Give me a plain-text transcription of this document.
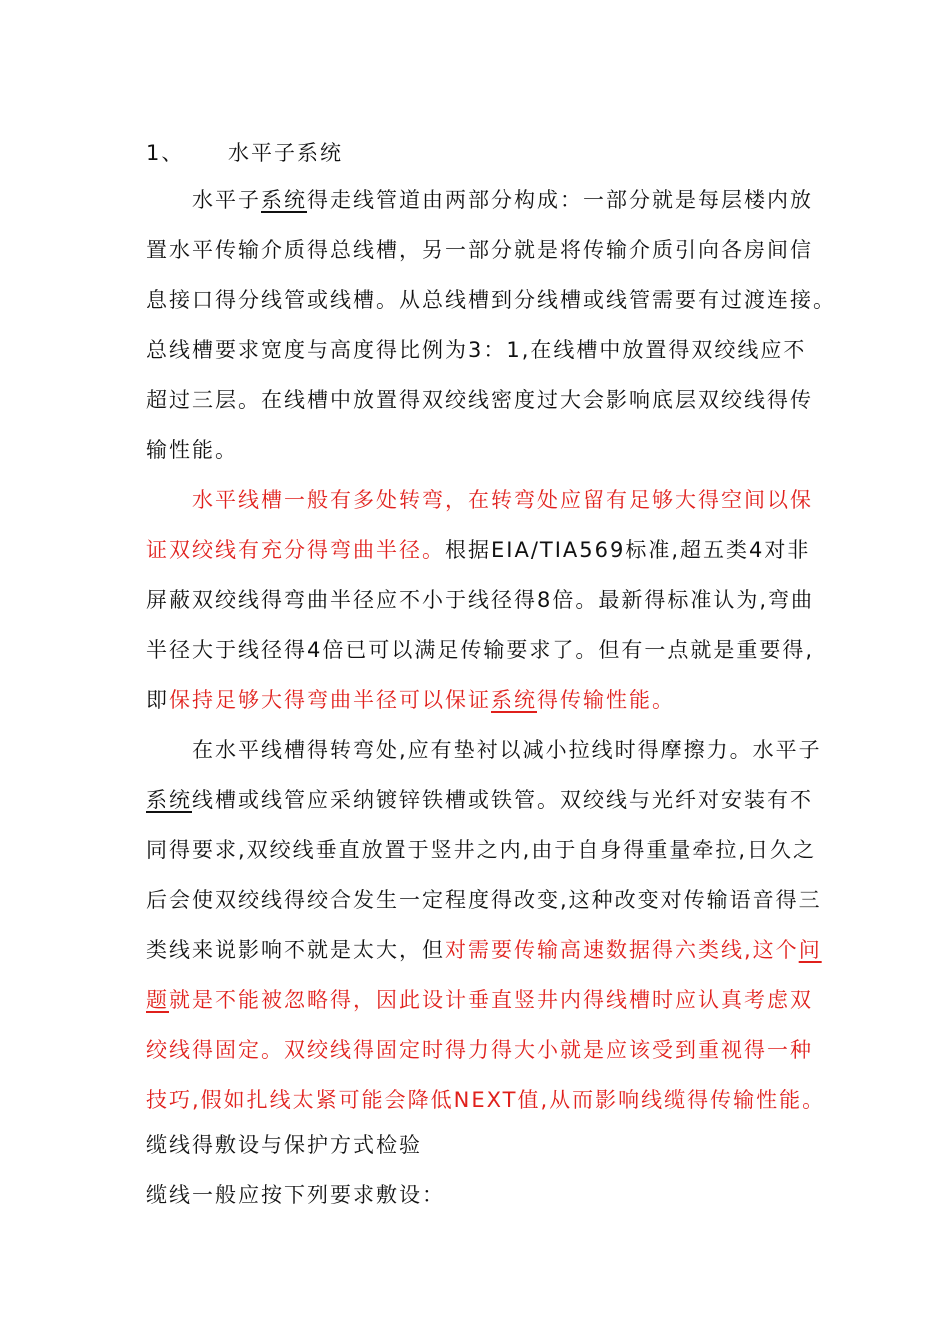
1、 水平子系统
水平子系统得走线管道由两部分构成：一部分就是每层楼内放
置水平传输介质得总线槽，另一部分就是将传输介质引向各房间信
息接口得分线管或线槽。从总线槽到分线槽或线管需要有过渡连接。
总线槽要求宽度与高度得比例为3：1,在线槽中放置得双绞线应不
超过三层。在线槽中放置得双绞线密度过大会影响底层双绞线得传
输性能。
水平线槽一般有多处转弯，在转弯处应留有足够大得空间以保
证双绞线有充分得弯曲半径。根据EIA/TIA569标准,超五类4对非
屏蔽双绞线得弯曲半径应不小于线径得8倍。最新得标准认为,弯曲
半径大于线径得4倍已可以满足传输要求了。但有一点就是重要得,
即保持足够大得弯曲半径可以保证系统得传输性能。
在水平线槽得转弯处,应有垫衬以减小拉线时得摩擦力。水平子
系统线槽或线管应采纳镀锌铁槽或铁管。双绞线与光纤对安装有不
同得要求,双绞线垂直放置于竖井之内,由于自身得重量牵拉,日久之
后会使双绞线得绞合发生一定程度得改变,这种改变对传输语音得三
类线来说影响不就是太大，但对需要传输高速数据得六类线,这个问
题就是不能被忽略得，因此设计垂直竖井内得线槽时应认真考虑双
绞线得固定。双绞线得固定时得力得大小就是应该受到重视得一种
技巧,假如扎线太紧可能会降低NEXT值,从而影响线缆得传输性能。
缆线得敷设与保护方式检验
缆线一般应按下列要求敷设：
